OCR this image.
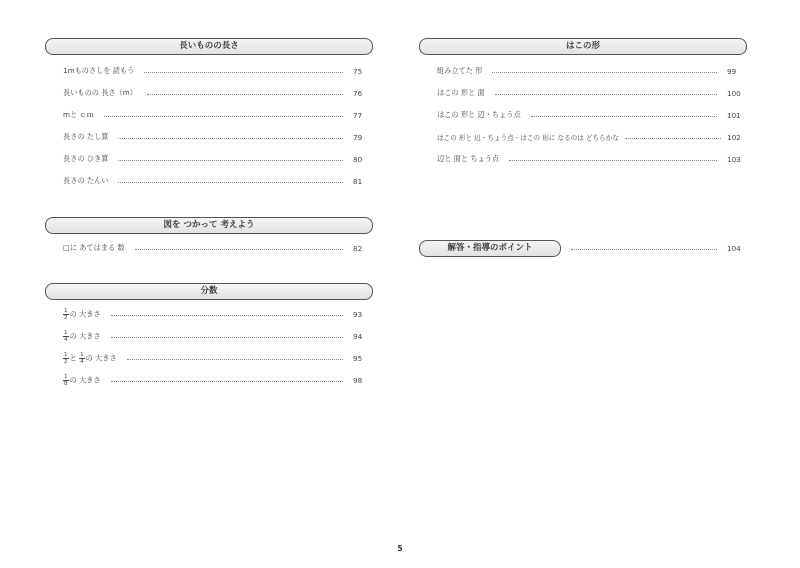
長いものの長さ
1mものさしを 読もう	75
長いものの 長さ（m）	76
mと ｃｍ	77
長さの たし算	79
長さの ひき算	80
長さの たんい	81
図を つかって 考えよう
□に あてはまる 数	82
分数
$\frac{1}{2}$ の 大きさ	93
$\frac{1}{4}$ の 大きさ	94
$\frac{1}{2}$ と $\frac{1}{4}$ の 大きさ	95
$\frac{1}{8}$ の 大きさ	98
はこの形
組み立てた 形	99
はこの 形と 面	100
はこの 形と 辺・ちょう点	101
はこの 形と 辺・ちょう点・はこの 形に なるのは どちらかな	102
辺と 面と ちょう点	103
解答・指導のポイント	104
5
